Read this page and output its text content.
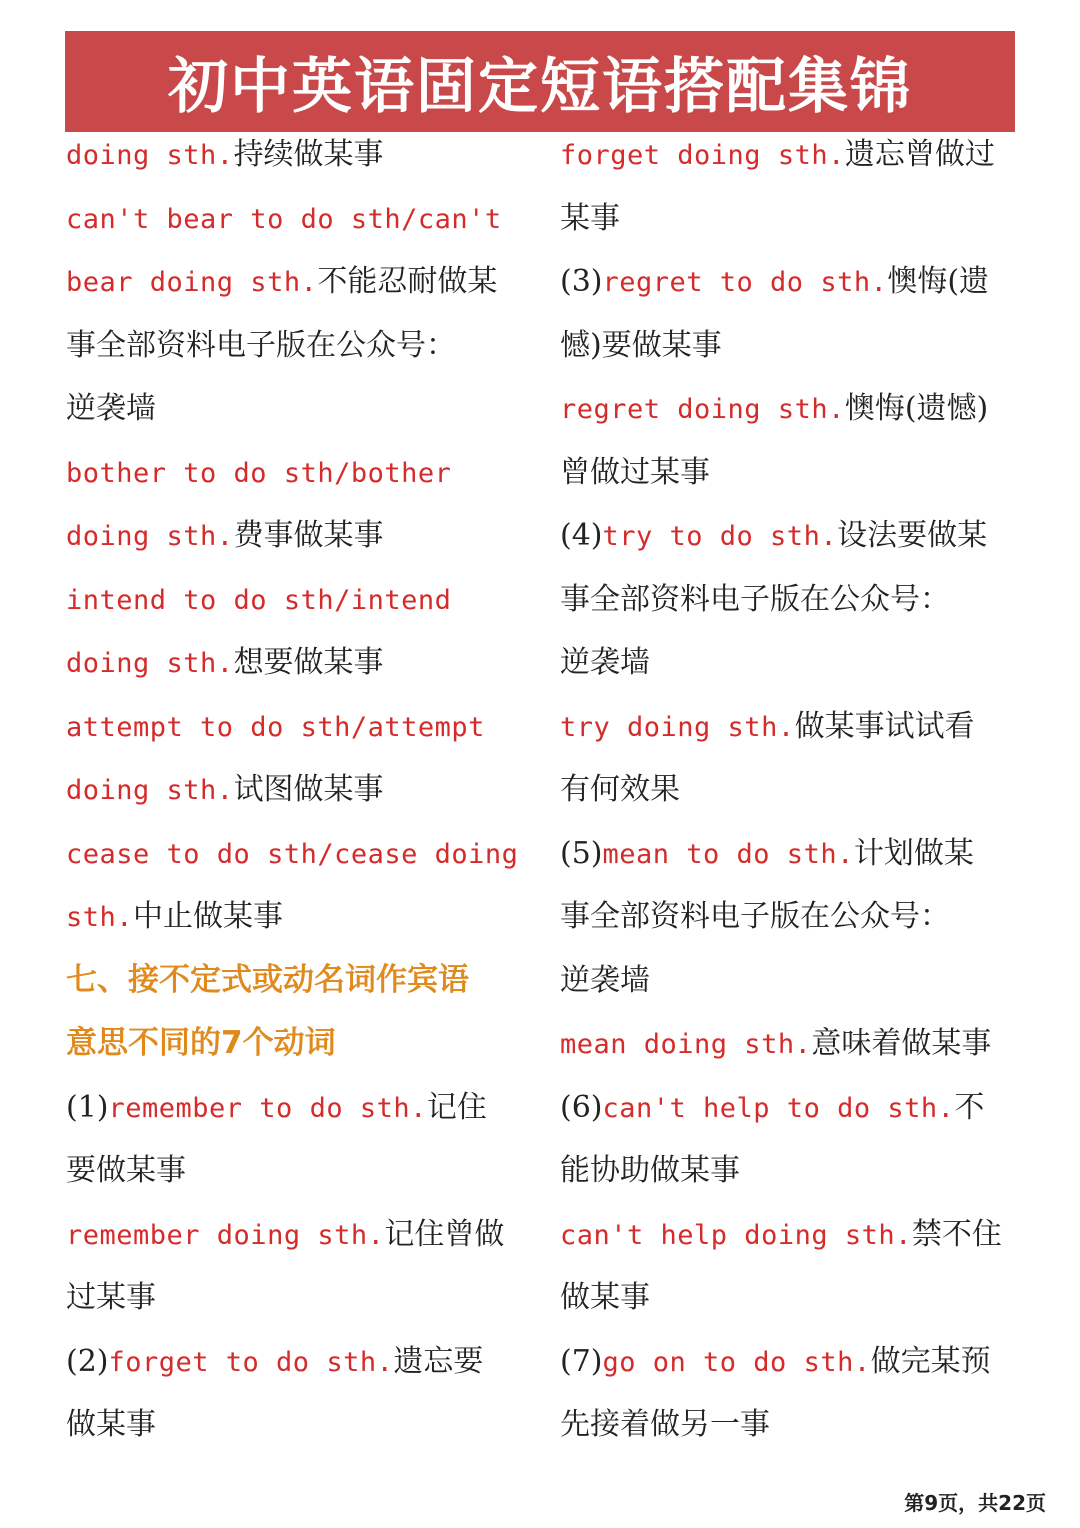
初中英语固定短语搭配集锦
doing sth.持续做某事
can't bear to do sth/can't
bear doing sth.不能忍耐做某
事全部资料电子版在公众号：
逆袭墙
bother to do sth/bother
doing sth.费事做某事
intend to do sth/intend
doing sth.想要做某事
attempt to do sth/attempt
doing sth.试图做某事
cease to do sth/cease doing
sth.中止做某事
七、接不定式或动名词作宾语
意思不同的7个动词
(1)remember to do sth.记住
要做某事
remember doing sth.记住曾做
过某事
(2)forget to do sth.遗忘要
做某事
forget doing sth.遗忘曾做过
某事
(3)regret to do sth.懊悔(遗
憾)要做某事
regret doing sth.懊悔(遗憾)
曾做过某事
(4)try to do sth.设法要做某
事全部资料电子版在公众号：
逆袭墙
try doing sth.做某事试试看
有何效果
(5)mean to do sth.计划做某
事全部资料电子版在公众号：
逆袭墙
mean doing sth.意味着做某事
(6)can't help to do sth.不
能协助做某事
can't help doing sth.禁不住
做某事
(7)go on to do sth.做完某预
先接着做另一事
第9页，共22页
